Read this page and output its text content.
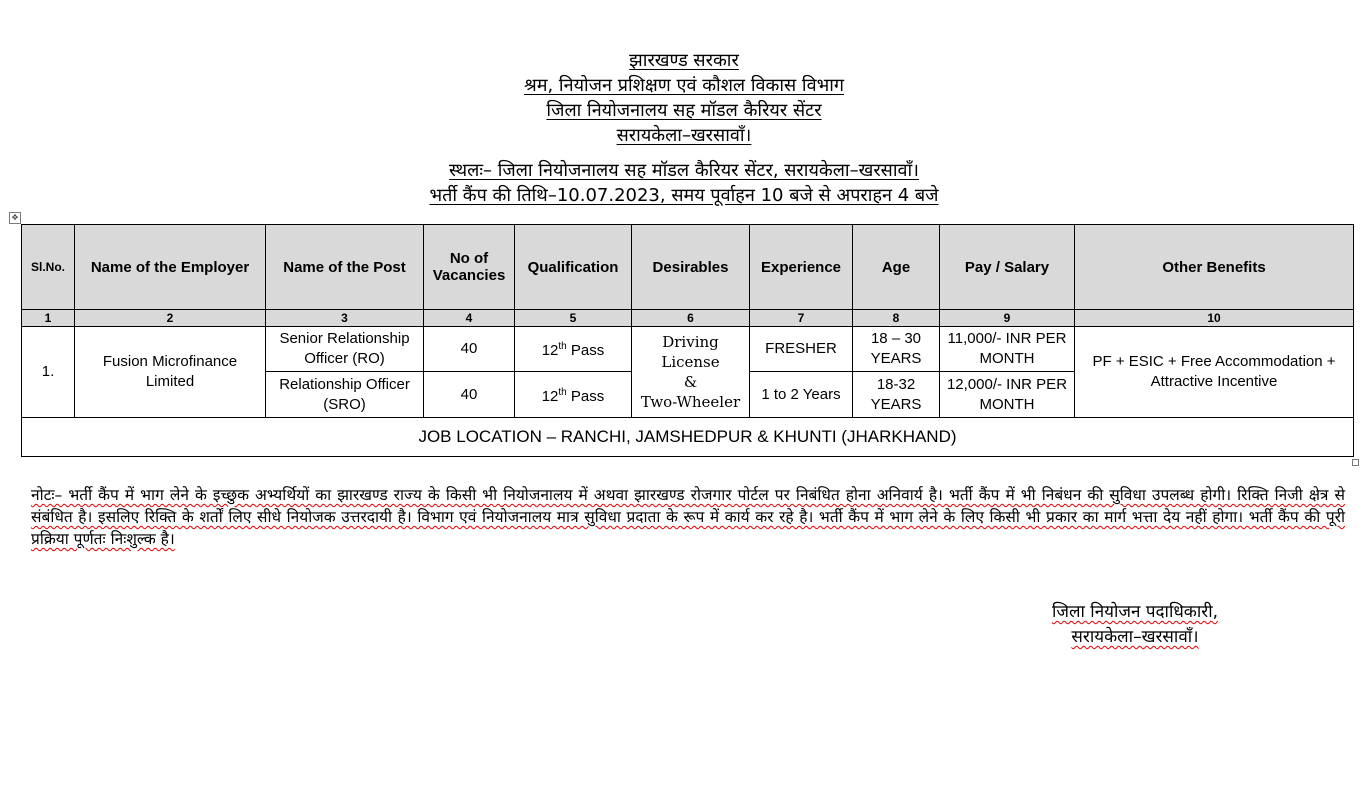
झारखण्ड सरकार
श्रम, नियोजन प्रशिक्षण एवं कौशल विकास विभाग
जिला नियोजनालय सह मॉडल कैरियर सेंटर
सरायकेला–खरसावाँ।
स्थलः– जिला नियोजनालय सह मॉडल कैरियर सेंटर, सरायकेला–खरसावाँ।
भर्ती कैंप की तिथि–10.07.2023, समय पूर्वाहन 10 बजे से अपराहन 4 बजे
✥
Sl.No.	Name of the Employer	Name of the Post	No of Vacancies	Qualification	Desirables	Experience	Age	Pay / Salary	Other Benefits
1	2	3	4	5	6	7	8	9	10
1.	Fusion Microfinance Limited	Senior Relationship Officer (RO)	40	12th Pass	Driving License
&
Two-Wheeler	FRESHER	18 – 30 YEARS	11,000/- INR PER MONTH	PF + ESIC + Free Accommodation + Attractive Incentive
		Relationship Officer (SRO)	40	12th Pass		1 to 2 Years	18-32 YEARS	12,000/- INR PER MONTH	
JOB LOCATION – RANCHI, JAMSHEDPUR & KHUNTI (JHARKHAND)									
नोटः– भर्ती कैंप में भाग लेने के इच्छुक अभ्यर्थियों का झारखण्ड राज्य के किसी भी नियोजनालय में अथवा झारखण्ड रोजगार पोर्टल पर निबंधित होना अनिवार्य है। भर्ती कैंप में भी निबंधन की सुविधा उपलब्ध होगी। रिक्ति निजी क्षेत्र से संबंधित है। इसलिए रिक्ति के शर्तों लिए सीधे नियोजक उत्तरदायी है। विभाग एवं नियोजनालय मात्र सुविधा प्रदाता के रूप में कार्य कर रहे है। भर्ती कैंप में भाग लेने के लिए किसी भी प्रकार का मार्ग भत्ता देय नहीं होगा। भर्ती कैंप की पूरी प्रक्रिया पूर्णतः निःशुल्क है।
जिला नियोजन पदाधिकारी,
सरायकेला–खरसावाँ।
